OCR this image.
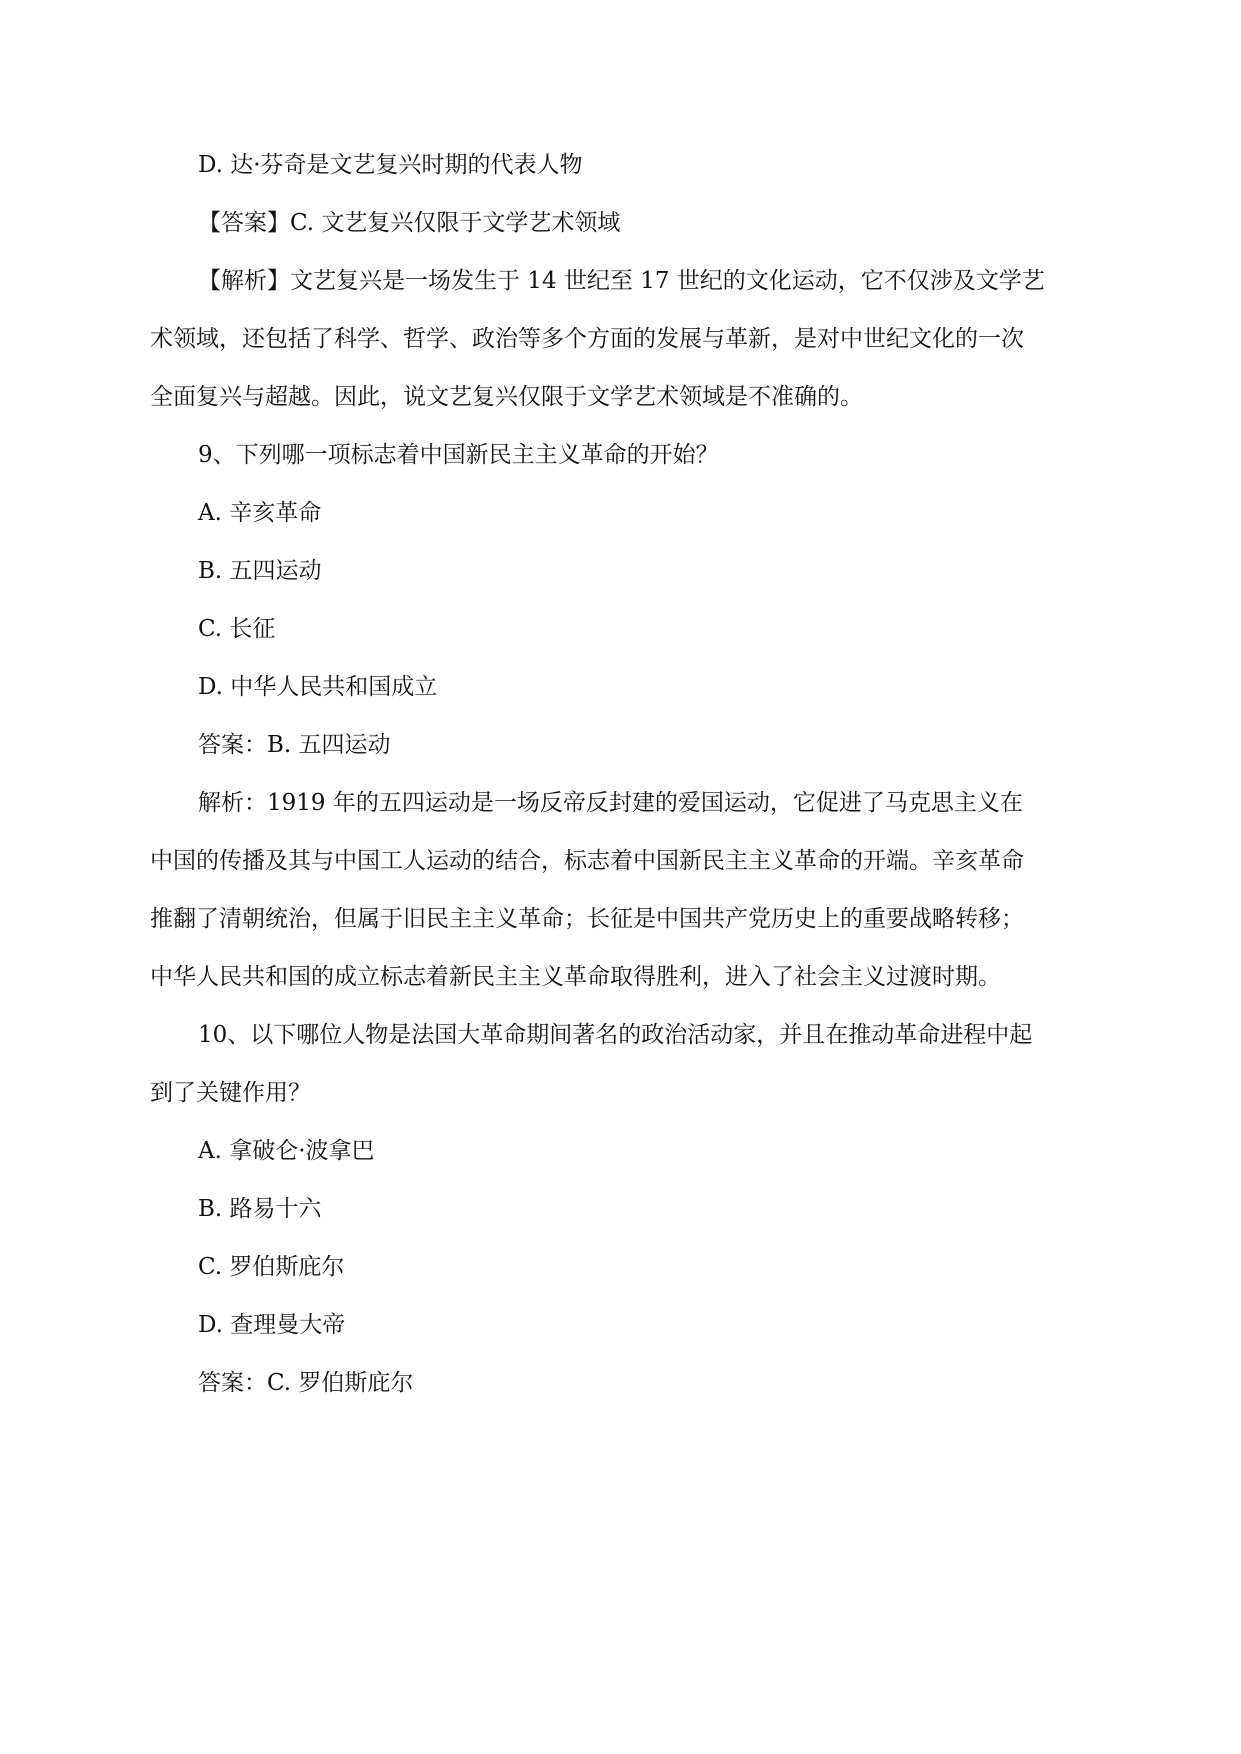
D. 达·芬奇是文艺复兴时期的代表人物

【答案】C. 文艺复兴仅限于文学艺术领域

【解析】文艺复兴是一场发生于 14 世纪至 17 世纪的文化运动，它不仅涉及文学艺

术领域，还包括了科学、哲学、政治等多个方面的发展与革新，是对中世纪文化的一次

全面复兴与超越。因此，说文艺复兴仅限于文学艺术领域是不准确的。

9、下列哪一项标志着中国新民主主义革命的开始？

A. 辛亥革命

B. 五四运动

C. 长征

D. 中华人民共和国成立

答案：B. 五四运动

解析：1919 年的五四运动是一场反帝反封建的爱国运动，它促进了马克思主义在

中国的传播及其与中国工人运动的结合，标志着中国新民主主义革命的开端。辛亥革命

推翻了清朝统治，但属于旧民主主义革命；长征是中国共产党历史上的重要战略转移；

中华人民共和国的成立标志着新民主主义革命取得胜利，进入了社会主义过渡时期。

10、以下哪位人物是法国大革命期间著名的政治活动家，并且在推动革命进程中起

到了关键作用？

A. 拿破仑·波拿巴

B. 路易十六

C. 罗伯斯庇尔

D. 查理曼大帝

答案：C. 罗伯斯庇尔
